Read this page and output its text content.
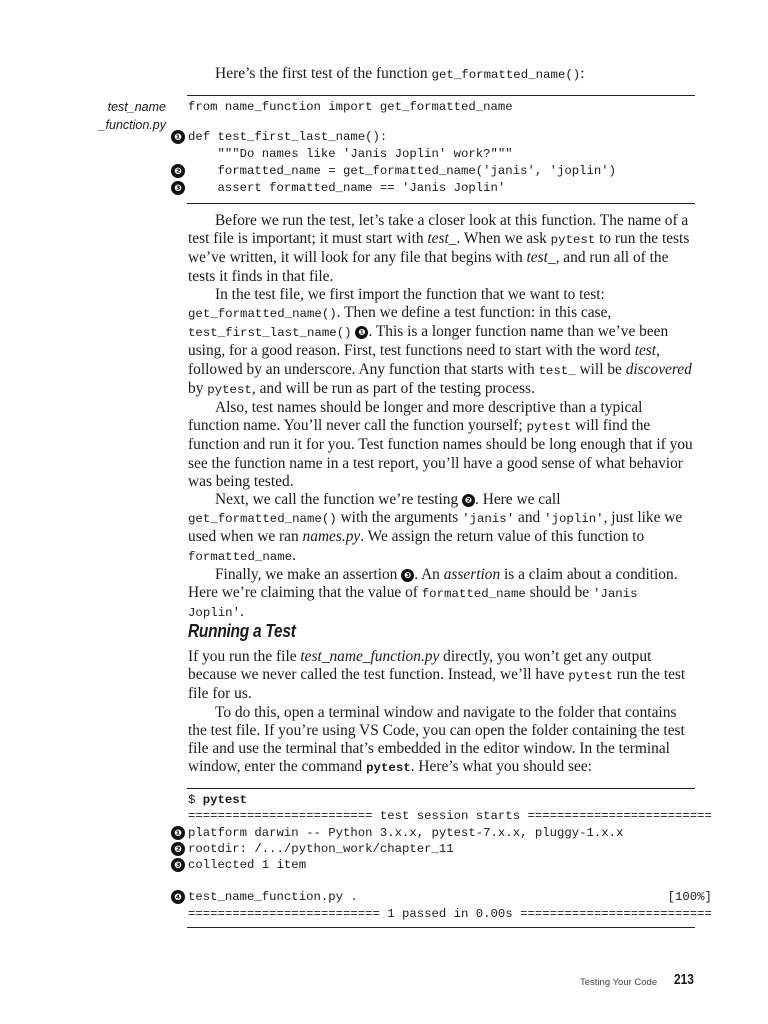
Here’s the first test of the function get_formatted_name():
test_name
_function.py
from name_function import get_formatted_name
❶ def test_first_last_name():
"""Do names like 'Janis Joplin' work?"""
❷ formatted_name = get_formatted_name('janis', 'joplin')
❸ assert formatted_name == 'Janis Joplin'

Before we run the test, let’s take a closer look at this function. The name of a test file is important; it must start with test_. When we ask pytest to run the tests we’ve written, it will look for any file that begins with test_, and run all of the tests it finds in that file.

In the test file, we first import the function that we want to test: get_formatted_name(). Then we define a test function: in this case, test_first_last_name() ❶ . This is a longer function name than we’ve been using, for a good reason. First, test functions need to start with the word test, followed by an underscore. Any function that starts with test_ will be discovered by pytest, and will be run as part of the testing process.

Also, test names should be longer and more descriptive than a typical function name. You’ll never call the function yourself; pytest will find the function and run it for you. Test function names should be long enough that if you see the function name in a test report, you’ll have a good sense of what behavior was being tested.

Next, we call the function we’re testing ❷ . Here we call get_formatted_name() with the arguments 'janis' and 'joplin', just like we used when we ran names.py. We assign the return value of this function to formatted_name.

Finally, we make an assertion ❸ . An assertion is a claim about a condition. Here we’re claiming that the value of formatted_name should be 'Janis Joplin'.

Running a Test

If you run the file test_name_function.py directly, you won’t get any output because we never called the test function. Instead, we’ll have pytest run the test file for us.

To do this, open a terminal window and navigate to the folder that contains the test file. If you’re using VS Code, you can open the folder containing the test file and use the terminal that’s embedded in the editor window. In the terminal window, enter the command pytest. Here’s what you should see:

$ pytest
========================= test session starts =========================
❶ platform darwin -- Python 3.x.x, pytest-7.x.x, pluggy-1.x.x
❷ rootdir: /.../python_work/chapter_11
❸ collected 1 item
❹ test_name_function.py .                                          [100%]
========================== 1 passed in 0.00s ==========================
Testing Your Code 213
